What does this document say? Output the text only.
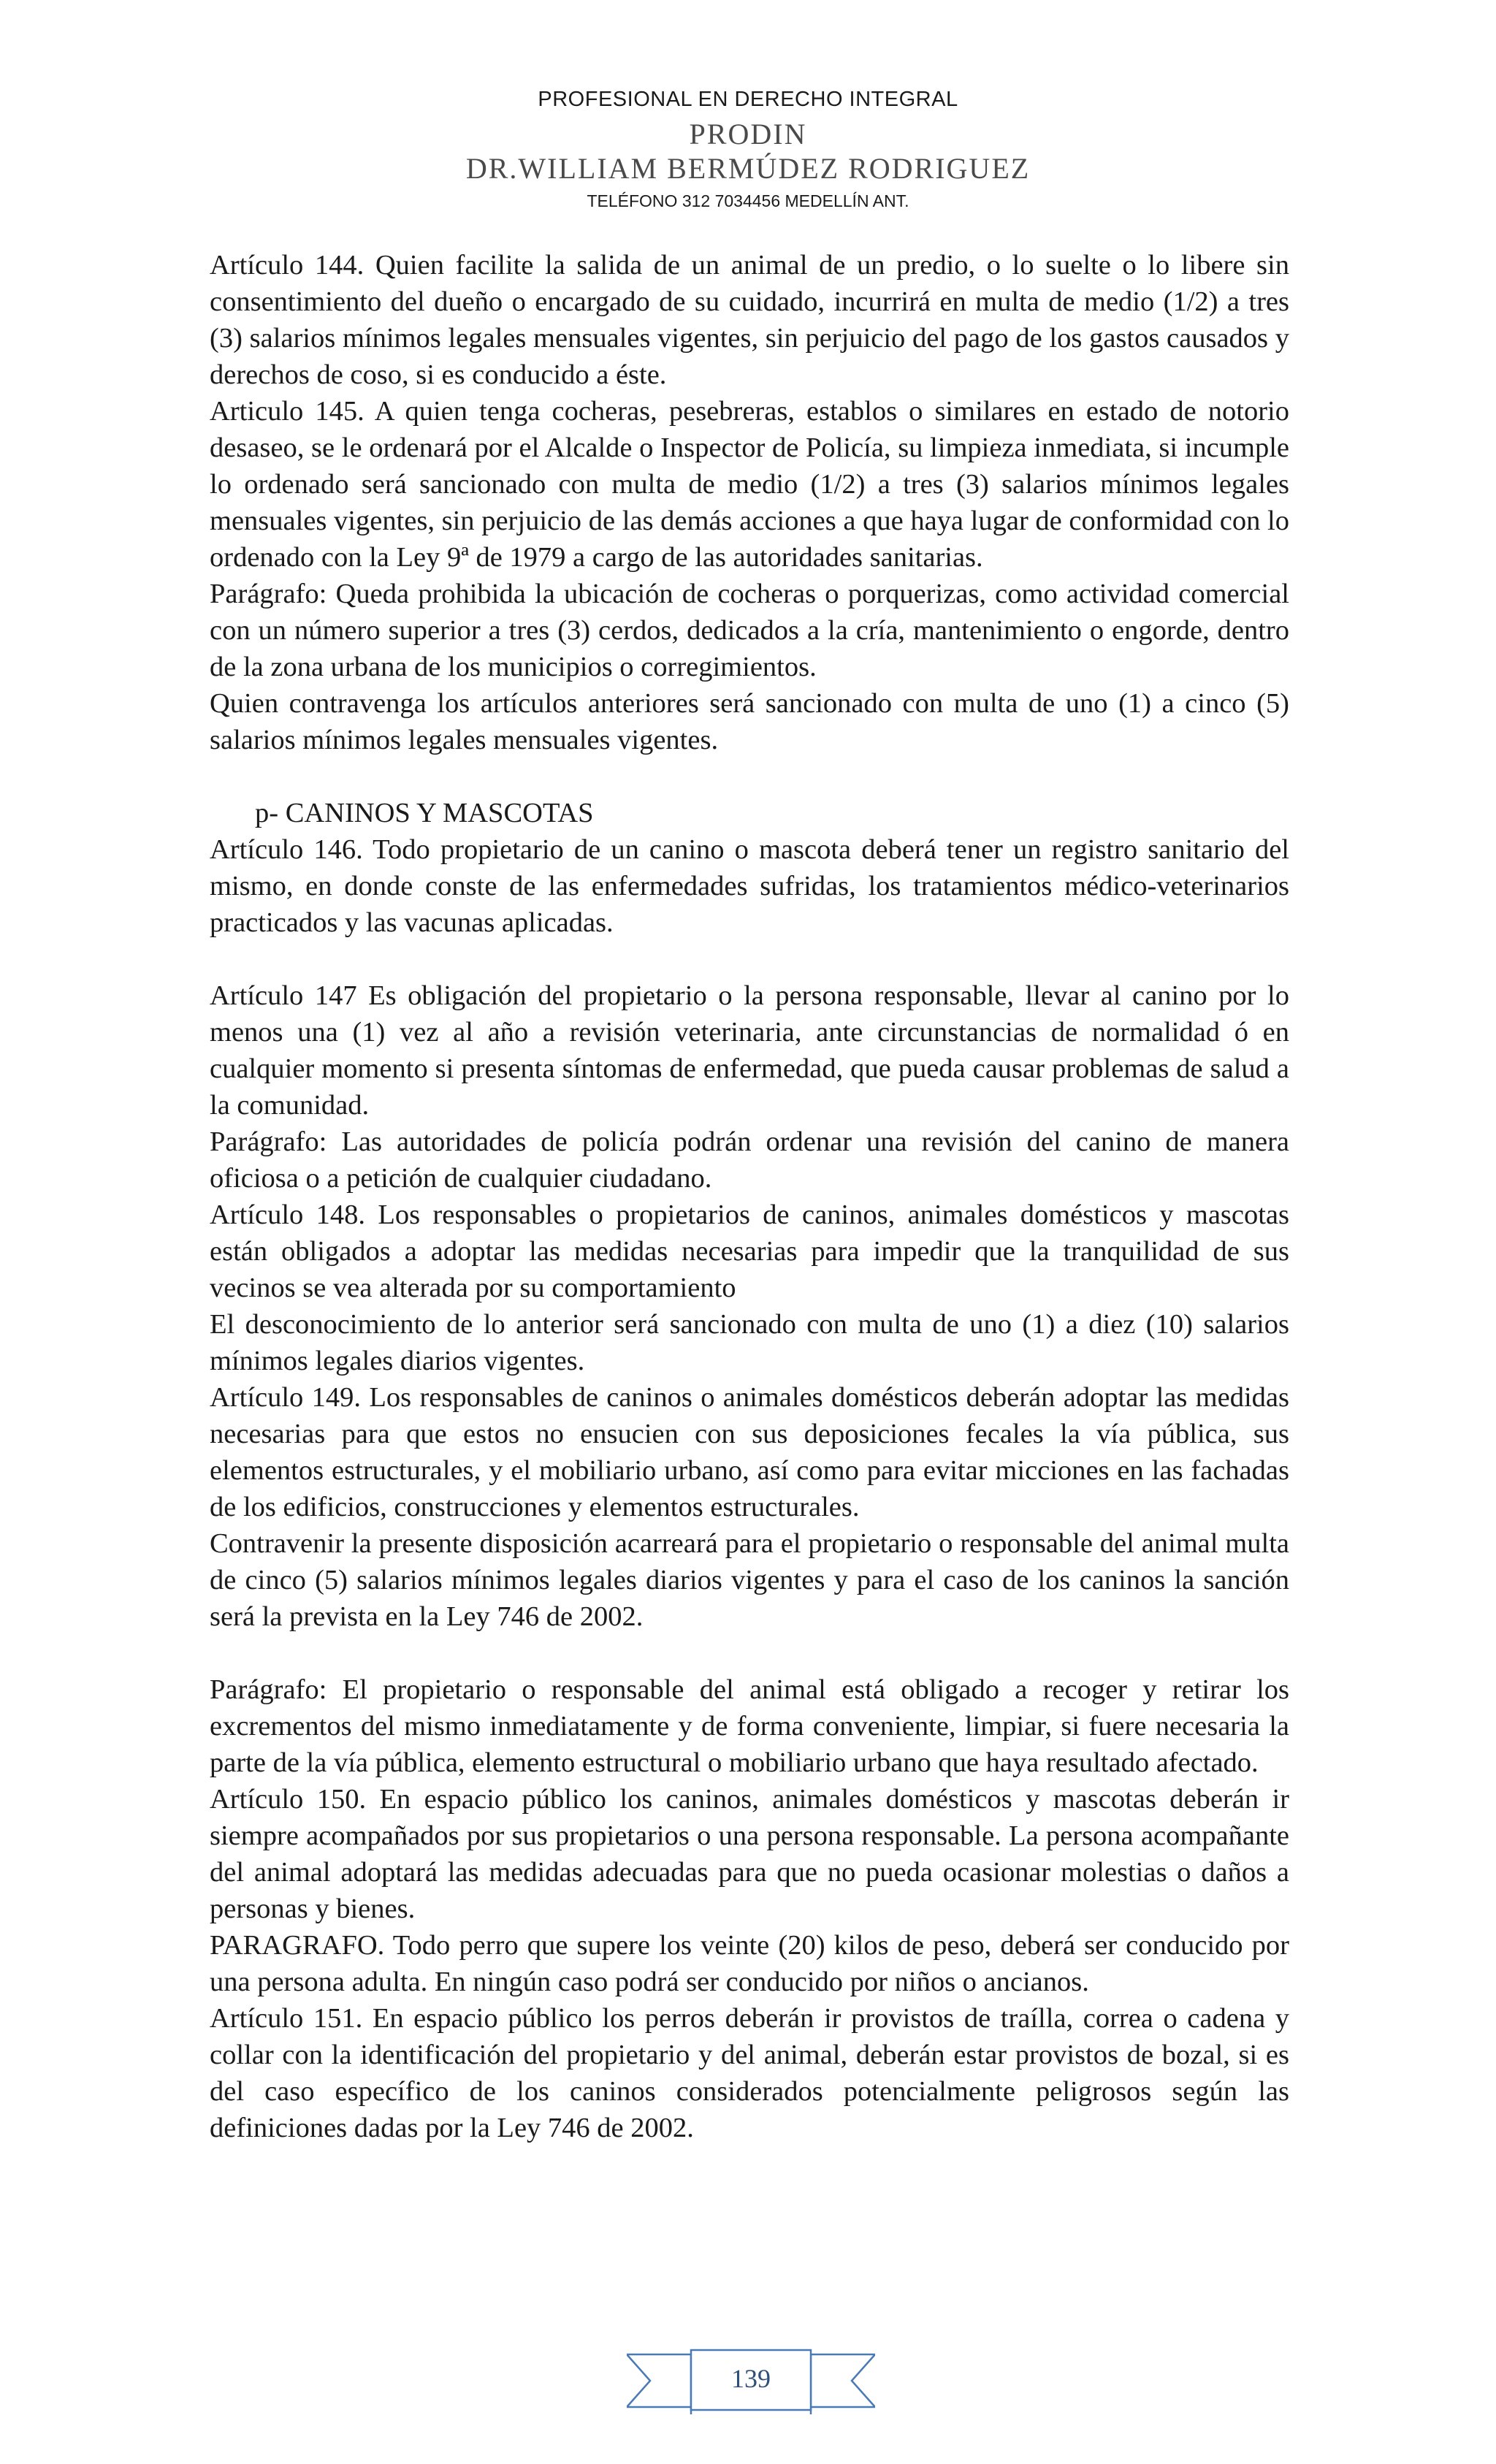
PROFESIONAL EN DERECHO INTEGRAL
PRODIN
DR.WILLIAM BERMÚDEZ RODRIGUEZ
TELÉFONO 312 7034456 MEDELLÍN ANT.

Artículo 144. Quien facilite la salida de un animal de un predio, o lo suelte o lo libere sin consentimiento del dueño o encargado de su cuidado, incurrirá en multa de medio (1/2) a tres (3) salarios mínimos legales mensuales vigentes, sin perjuicio del pago de los gastos causados y derechos de coso, si es conducido a éste.

Articulo 145. A quien tenga cocheras, pesebreras, establos o similares en estado de notorio desaseo, se le ordenará por el Alcalde o Inspector de Policía, su limpieza inmediata, si incumple lo ordenado será sancionado con multa de medio (1/2) a tres (3) salarios mínimos legales mensuales vigentes, sin perjuicio de las demás acciones a que haya lugar de conformidad con lo ordenado con la Ley 9ª de 1979 a cargo de las autoridades sanitarias.

Parágrafo: Queda prohibida la ubicación de cocheras o porquerizas, como actividad comercial con un número superior a tres (3) cerdos, dedicados a la cría, mantenimiento o engorde, dentro de la zona urbana de los municipios o corregimientos.

Quien contravenga los artículos anteriores será sancionado con multa de uno (1) a cinco (5) salarios mínimos legales mensuales vigentes.

p- CANINOS Y MASCOTAS

Artículo 146. Todo propietario de un canino o mascota deberá tener un registro sanitario del mismo, en donde conste de las enfermedades sufridas, los tratamientos médico-veterinarios practicados y las vacunas aplicadas.

Artículo 147 Es obligación del propietario o la persona responsable, llevar al canino por lo menos una (1) vez al año a revisión veterinaria, ante circunstancias de normalidad ó en cualquier momento si presenta síntomas de enfermedad, que pueda causar problemas de salud a la comunidad.

Parágrafo: Las autoridades de policía podrán ordenar una revisión del canino de manera oficiosa o a petición de cualquier ciudadano.

Artículo 148. Los responsables o propietarios de caninos, animales domésticos y mascotas están obligados a adoptar las medidas necesarias para impedir que la tranquilidad de sus vecinos se vea alterada por su comportamiento

El desconocimiento de lo anterior será sancionado con multa de uno (1) a diez (10) salarios mínimos legales diarios vigentes.

Artículo 149. Los responsables de caninos o animales domésticos deberán adoptar las medidas necesarias para que estos no ensucien con sus deposiciones fecales la vía pública, sus elementos estructurales, y el mobiliario urbano, así como para evitar micciones en las fachadas de los edificios, construcciones y elementos estructurales.

Contravenir la presente disposición acarreará para el propietario o responsable del animal multa de cinco (5) salarios mínimos legales diarios vigentes y para el caso de los caninos la sanción será la prevista en la Ley 746 de 2002.

Parágrafo: El propietario o responsable del animal está obligado a recoger y retirar los excrementos del mismo inmediatamente y de forma conveniente, limpiar, si fuere necesaria la parte de la vía pública, elemento estructural o mobiliario urbano que haya resultado afectado.

Artículo 150. En espacio público los caninos, animales domésticos y mascotas deberán ir siempre acompañados por sus propietarios o una persona responsable. La persona acompañante del animal adoptará las medidas adecuadas para que no pueda ocasionar molestias o daños a personas y bienes.

PARAGRAFO. Todo perro que supere los veinte (20) kilos de peso, deberá ser conducido por una persona adulta. En ningún caso podrá ser conducido por niños o ancianos.

Artículo 151. En espacio público los perros deberán ir provistos de traílla, correa o cadena y collar con la identificación del propietario y del animal, deberán estar provistos de bozal, si es del caso específico de los caninos considerados potencialmente peligrosos según las definiciones dadas por la Ley 746 de 2002.

139
